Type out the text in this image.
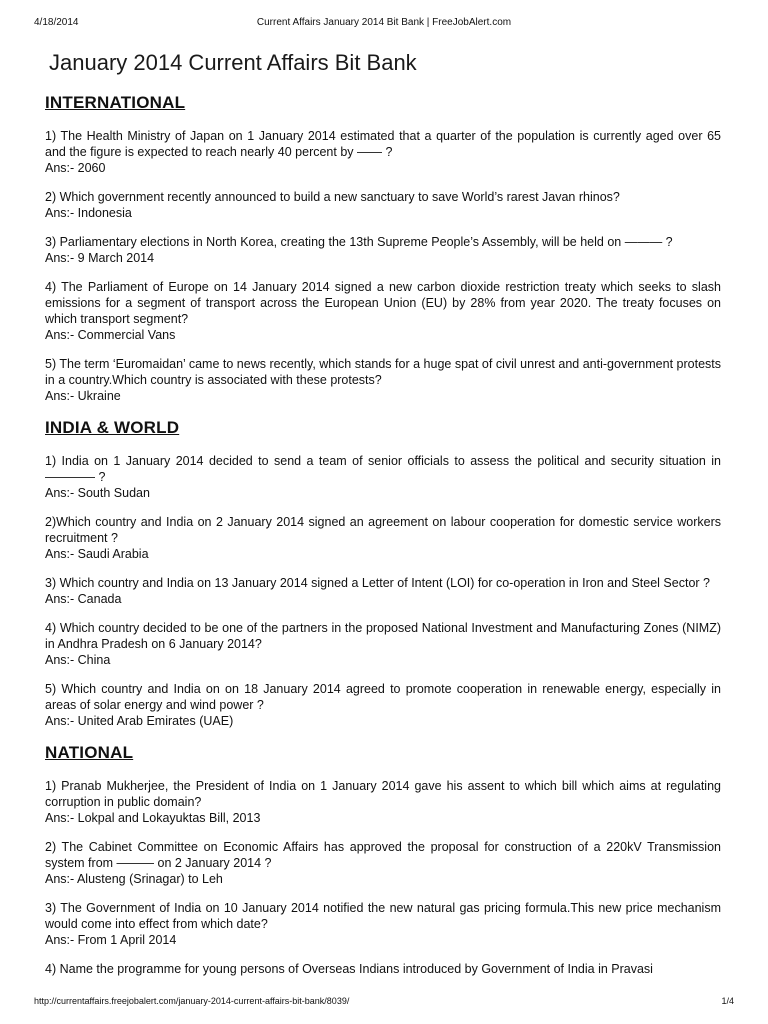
4/18/2014	Current Affairs January 2014 Bit Bank | FreeJobAlert.com
January 2014 Current Affairs Bit Bank
INTERNATIONAL
1) The Health Ministry of Japan on 1 January 2014 estimated that a quarter of the population is currently aged over 65 and the figure is expected to reach nearly 40 percent by —— ?
Ans:- 2060
2) Which government recently announced to build a new sanctuary to save World’s rarest Javan rhinos?
Ans:- Indonesia
3) Parliamentary elections in North Korea, creating the 13th Supreme People’s Assembly, will be held on ——— ?
Ans:- 9 March 2014
4) The Parliament of Europe on 14 January 2014 signed a new carbon dioxide restriction treaty which seeks to slash emissions for a segment of transport across the European Union (EU) by 28% from year 2020. The treaty focuses on which transport segment?
Ans:- Commercial Vans
5) The term ‘Euromaidan’ came to news recently, which stands for a huge spat of civil unrest and anti-government protests in a country.Which country is associated with these protests?
Ans:- Ukraine
INDIA & WORLD
1) India on 1 January 2014 decided to send a team of senior officials to assess the political and security situation in ———— ?
Ans:- South Sudan
2)Which country and India on 2 January 2014 signed an agreement on labour cooperation for domestic service workers recruitment ?
Ans:- Saudi Arabia
3) Which country and India on 13 January 2014 signed a Letter of Intent (LOI) for co-operation in Iron and Steel Sector ?
Ans:- Canada
4) Which country decided to be one of the partners in the proposed National Investment and Manufacturing Zones (NIMZ) in Andhra Pradesh on 6 January 2014?
Ans:- China
5) Which country and India on on 18 January 2014 agreed to promote cooperation in renewable energy, especially in areas of solar energy and wind power ?
Ans:- United Arab Emirates (UAE)
NATIONAL
1) Pranab Mukherjee, the President of India on 1 January 2014 gave his assent to which bill which aims at regulating corruption in public domain?
Ans:- Lokpal and Lokayuktas Bill, 2013
2) The Cabinet Committee on Economic Affairs has approved the proposal for construction of a 220kV Transmission system from ——— on 2 January 2014 ?
Ans:- Alusteng (Srinagar) to Leh
3) The Government of India on 10 January 2014 notified the new natural gas pricing formula.This new price mechanism would come into effect from which date?
Ans:- From 1 April 2014
4) Name the programme for young persons of Overseas Indians introduced by Government of India in Pravasi
http://currentaffairs.freejobalert.com/january-2014-current-affairs-bit-bank/8039/	1/4
